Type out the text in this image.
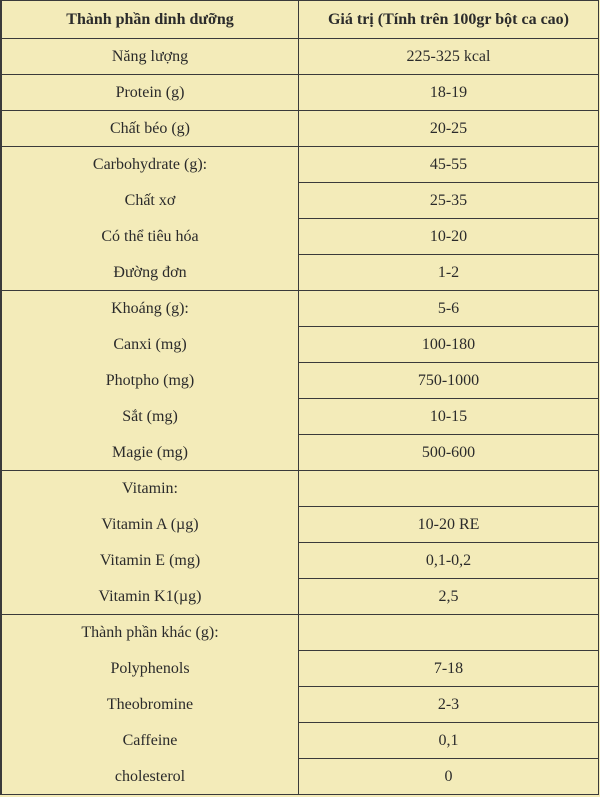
Thành phần dinh dưỡng	Giá trị (Tính trên 100gr bột ca cao)
Năng lượng	225-325 kcal
Protein (g)	18-19
Chất béo (g)	20-25
Carbohydrate (g):	45-55
Chất xơ	25-35
Có thể tiêu hóa	10-20
Đường đơn	1-2
Khoáng (g):	5-6
Canxi (mg)	100-180
Photpho (mg)	750-1000
Sắt (mg)	10-15
Magie (mg)	500-600
Vitamin:	
Vitamin A (µg)	10-20 RE
Vitamin E (mg)	0,1-0,2
Vitamin K1(µg)	2,5
Thành phần khác (g):	
Polyphenols	7-18
Theobromine	2-3
Caffeine	0,1
cholesterol	0
